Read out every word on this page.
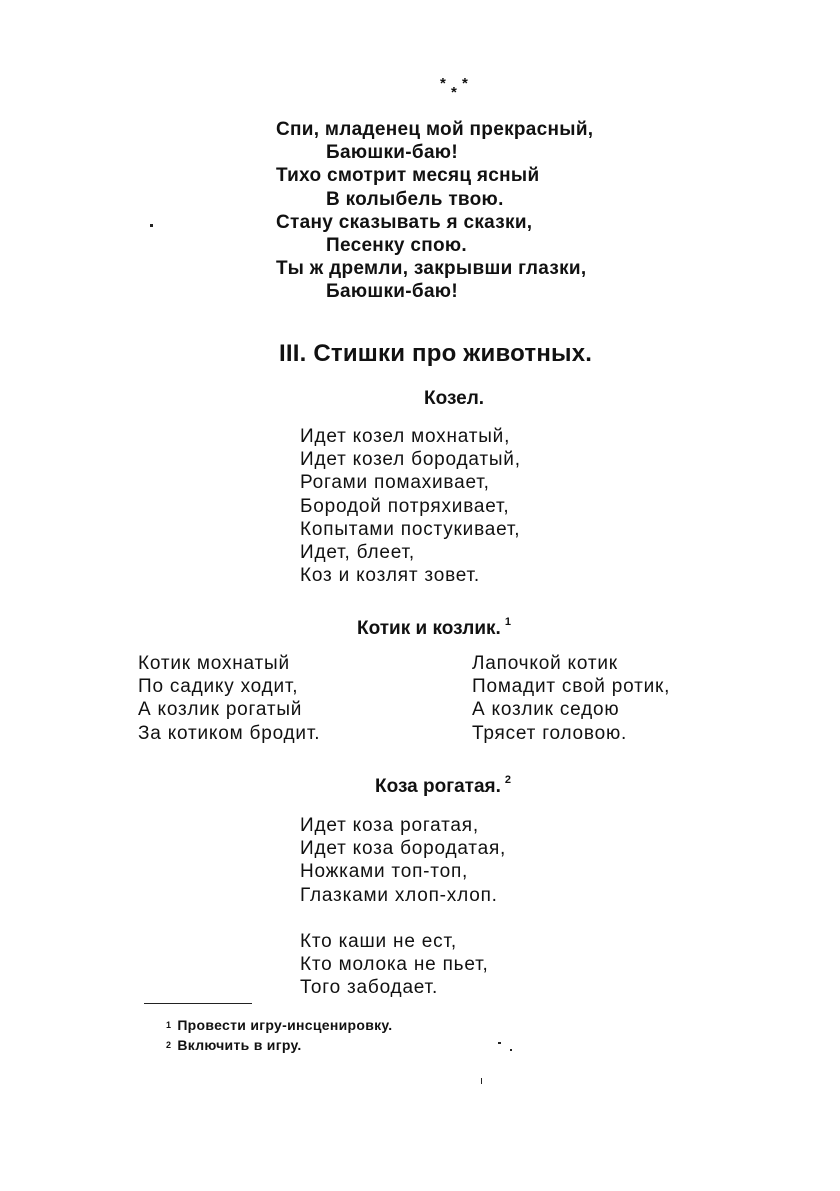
* *
*
Спи, младенец мой прекрасный,
Баюшки-баю!
Тихо смотрит месяц ясный
В колыбель твою.
Стану сказывать я сказки,
Песенку спою.
Ты ж дремли, закрывши глазки,
Баюшки-баю!
III. Стишки про животных.
Козел.
Идет козел мохнатый,
Идет козел бородатый,
Рогами помахивает,
Бородой потряхивает,
Копытами постукивает,
Идет, блеет,
Коз и козлят зовет.
Котик и козлик. $^1$
Котик мохнатый
По садику ходит,
А козлик рогатый
За котиком бродит.
Лапочкой котик
Помадит свой ротик,
А козлик седою
Трясет головою.
Коза рогатая. $^2$
Идет коза рогатая,
Идет коза бородатая,
Ножками топ-топ,
Глазками хлоп-хлоп.
Кто каши не ест,
Кто молока не пьет,
Того забодает.
$^1$ Провести игру-инсценировку.
$^2$ Включить в игру.
